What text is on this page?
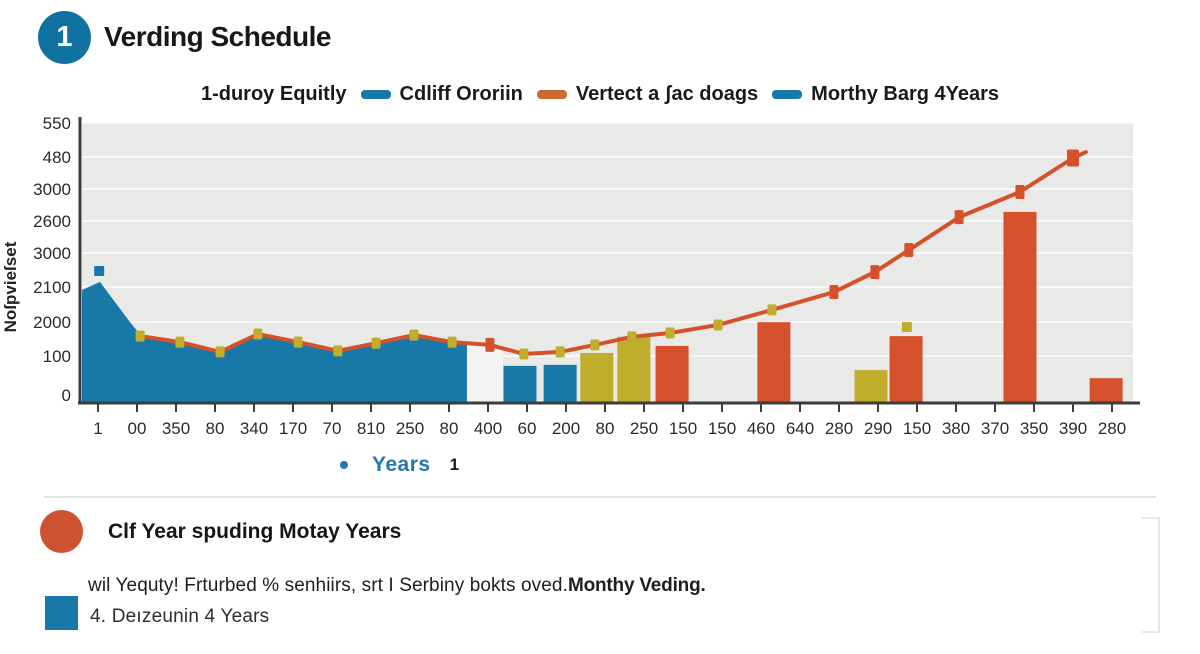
1 Verding Schedule
1-duroy Equitly	Cdliff Ororiin	Vertect a ʃac doags	Morthy Barg 4Years
1 00 350 80 340 170 70 810 250 80 400 60 200 80 250 150 150 460 640 280 290 150 380 370 350 390 280
550
480
3000
2600
3000
2100
2000
100
0
Noſpvieſset
Years 1
Clf Year spuding Motay Years
wil Yequty! Frturbed % senhiirs, srt I Serbiny bokts oved.Monthy Veding.
4. Deızeunin 4 Years
